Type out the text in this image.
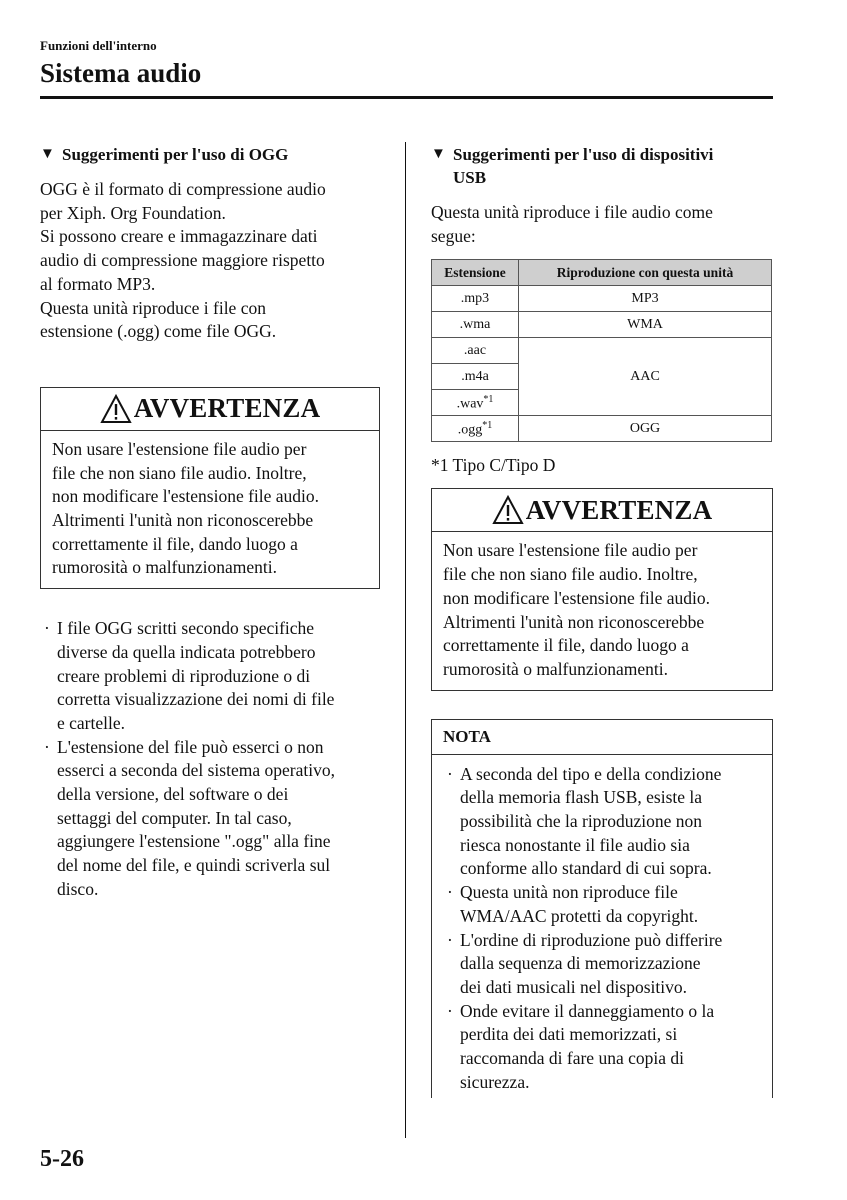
Funzioni dell'interno
Sistema audio
▼ Suggerimenti per l'uso di OGG

OGG è il formato di compressione audio
per Xiph. Org Foundation.
Si possono creare e immagazzinare dati
audio di compressione maggiore rispetto
al formato MP3.
Questa unità riproduce i file con
estensione (.ogg) come file OGG.

AVVERTENZA
Non usare l'estensione file audio per
file che non siano file audio. Inoltre,
non modificare l'estensione file audio.
Altrimenti l'unità non riconoscerebbe
correttamente il file, dando luogo a
rumorosità o malfunzionamenti.
· I file OGG scritti secondo specifiche
diverse da quella indicata potrebbero
creare problemi di riproduzione o di
corretta visualizzazione dei nomi di file
e cartelle.
· L'estensione del file può esserci o non
esserci a seconda del sistema operativo,
della versione, del software o dei
settaggi del computer. In tal caso,
aggiungere l'estensione ".ogg" alla fine
del nome del file, e quindi scriverla sul
disco.
▼ Suggerimenti per l'uso di dispositivi
USB

Questa unità riproduce i file audio come
segue:

Estensione	Riproduzione con questa unità
.mp3	MP3
.wma	WMA
.aac	AAC
.m4a	
.wav$^{*1}$
.ogg$^{*1}$	OGG

*1 Tipo C/Tipo D

AVVERTENZA
Non usare l'estensione file audio per
file che non siano file audio. Inoltre,
non modificare l'estensione file audio.
Altrimenti l'unità non riconoscerebbe
correttamente il file, dando luogo a
rumorosità o malfunzionamenti.
NOTA
· A seconda del tipo e della condizione
della memoria flash USB, esiste la
possibilità che la riproduzione non
riesca nonostante il file audio sia
conforme allo standard di cui sopra.
· Questa unità non riproduce file
WMA/AAC protetti da copyright.
· L'ordine di riproduzione può differire
dalla sequenza di memorizzazione
dei dati musicali nel dispositivo.
· Onde evitare il danneggiamento o la
perdita dei dati memorizzati, si
raccomanda di fare una copia di
sicurezza.
5-26
